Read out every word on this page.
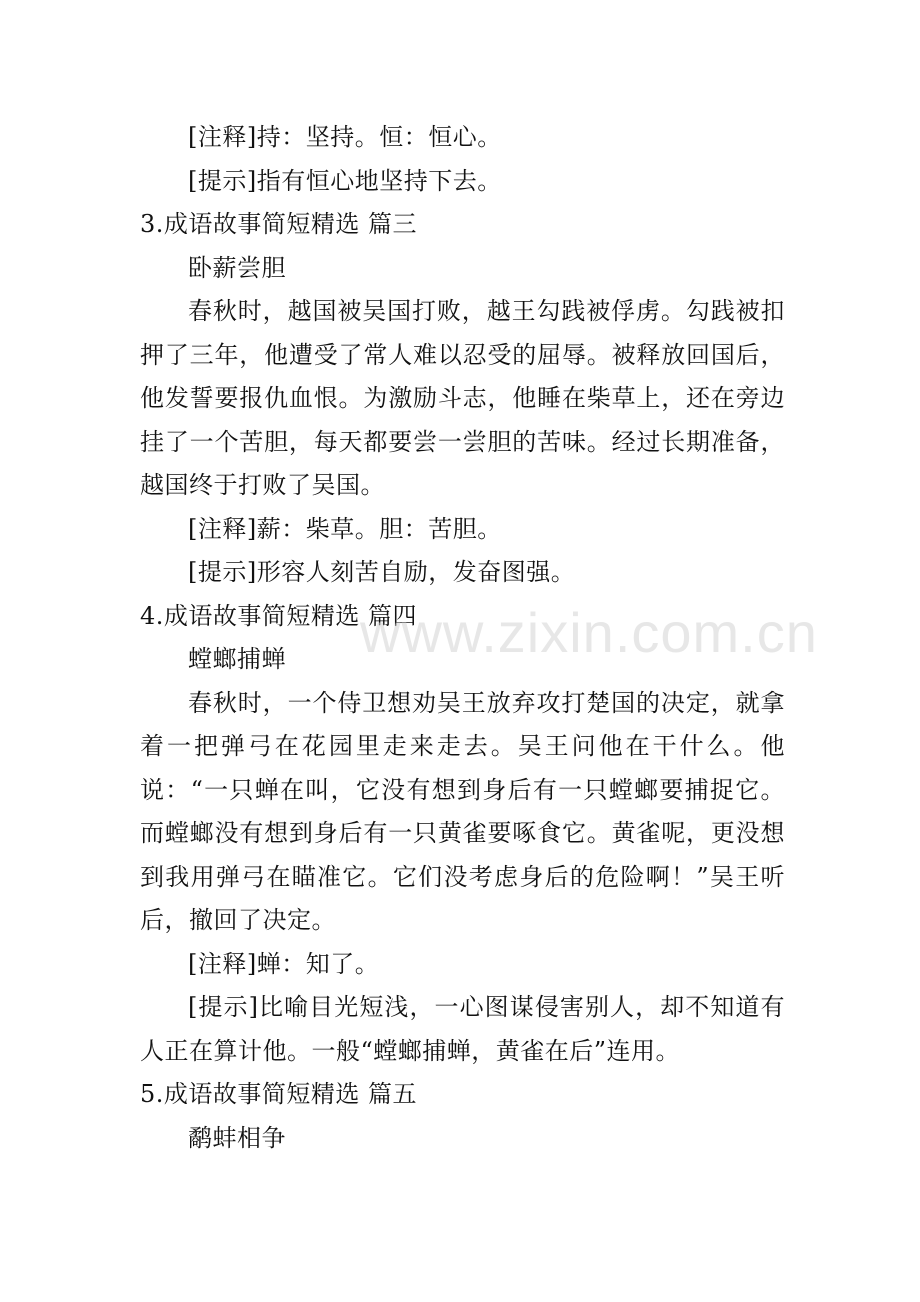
[注释]持：坚持。恒：恒心。

[提示]指有恒心地坚持下去。

3.成语故事简短精选 篇三

卧薪尝胆

春秋时，越国被吴国打败，越王勾践被俘虏。勾践被扣押了三年，他遭受了常人难以忍受的屈辱。被释放回国后，他发誓要报仇血恨。为激励斗志，他睡在柴草上，还在旁边挂了一个苦胆，每天都要尝一尝胆的苦味。经过长期准备，越国终于打败了吴国。

[注释]薪：柴草。胆：苦胆。

[提示]形容人刻苦自励，发奋图强。

4.成语故事简短精选 篇四

螳螂捕蝉

春秋时，一个侍卫想劝吴王放弃攻打楚国的决定，就拿着一把弹弓在花园里走来走去。吴王问他在干什么。他说：“一只蝉在叫，它没有想到身后有一只螳螂要捕捉它。而螳螂没有想到身后有一只黄雀要啄食它。黄雀呢，更没想到我用弹弓在瞄准它。它们没考虑身后的危险啊！”吴王听后，撤回了决定。

[注释]蝉：知了。

[提示]比喻目光短浅，一心图谋侵害别人，却不知道有人正在算计他。一般“螳螂捕蝉，黄雀在后”连用。

5.成语故事简短精选 篇五

鹬蚌相争

www.zixin.com.cn
